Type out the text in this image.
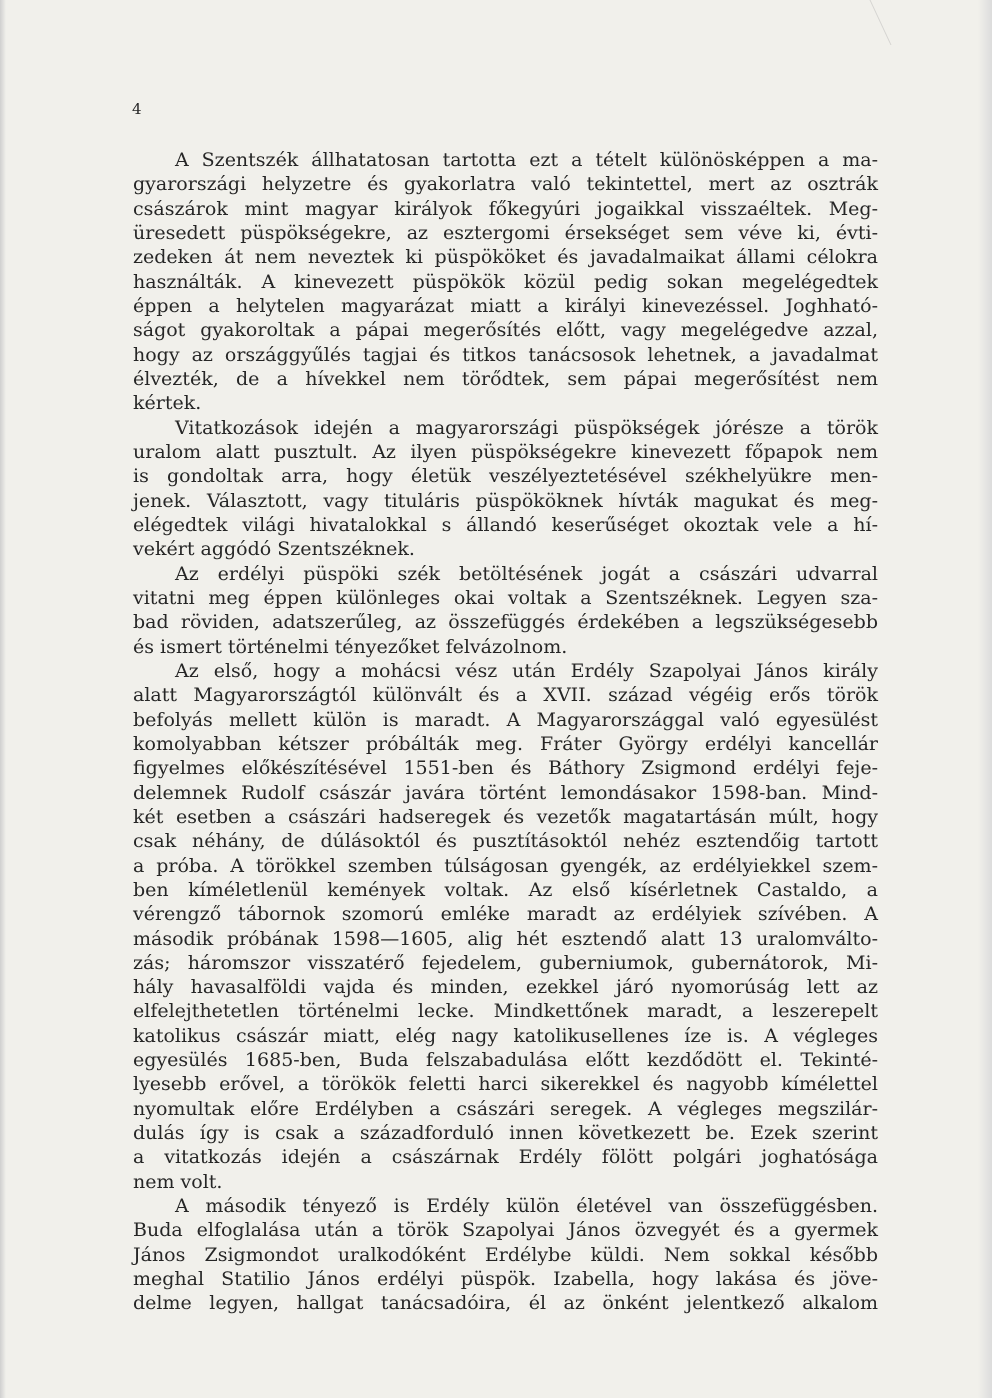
4
A Szentszék állhatatosan tartotta ezt a tételt különösképpen a ma-
gyarországi helyzetre és gyakorlatra való tekintettel, mert az osztrák
császárok mint magyar királyok főkegyúri jogaikkal visszaéltek. Meg-
üresedett püspökségekre, az esztergomi érsekséget sem véve ki, évti-
zedeken át nem neveztek ki püspököket és javadalmaikat állami célokra
használták. A kinevezett püspökök közül pedig sokan megelégedtek
éppen a helytelen magyarázat miatt a királyi kinevezéssel. Joghható-
ságot gyakoroltak a pápai megerősítés előtt, vagy megelégedve azzal,
hogy az országgyűlés tagjai és titkos tanácsosok lehetnek, a javadalmat
élvezték, de a hívekkel nem törődtek, sem pápai megerősítést nem
kértek.
Vitatkozások idején a magyarországi püspökségek jórésze a török
uralom alatt pusztult. Az ilyen püspökségekre kinevezett főpapok nem
is gondoltak arra, hogy életük veszélyeztetésével székhelyükre men-
jenek. Választott, vagy tituláris püspököknek hívták magukat és meg-
elégedtek világi hivatalokkal s állandó keserűséget okoztak vele a hí-
vekért aggódó Szentszéknek.
Az erdélyi püspöki szék betöltésének jogát a császári udvarral
vitatni meg éppen különleges okai voltak a Szentszéknek. Legyen sza-
bad röviden, adatszerűleg, az összefüggés érdekében a legszükségesebb
és ismert történelmi tényezőket felvázolnom.
Az első, hogy a mohácsi vész után Erdély Szapolyai János király
alatt Magyarországtól különvált és a XVII. század végéig erős török
befolyás mellett külön is maradt. A Magyarországgal való egyesülést
komolyabban kétszer próbálták meg. Fráter György erdélyi kancellár
figyelmes előkészítésével 1551-ben és Báthory Zsigmond erdélyi feje-
delemnek Rudolf császár javára történt lemondásakor 1598-ban. Mind-
két esetben a császári hadseregek és vezetők magatartásán múlt, hogy
csak néhány, de dúlásoktól és pusztításoktól nehéz esztendőig tartott
a próba. A törökkel szemben túlságosan gyengék, az erdélyiekkel szem-
ben kíméletlenül kemények voltak. Az első kísérletnek Castaldo, a
vérengző tábornok szomorú emléke maradt az erdélyiek szívében. A
második próbának 1598—1605, alig hét esztendő alatt 13 uralomválto-
zás; háromszor visszatérő fejedelem, guberniumok, gubernátorok, Mi-
hály havasalföldi vajda és minden, ezekkel járó nyomorúság lett az
elfelejthetetlen történelmi lecke. Mindkettőnek maradt, a leszerepelt
katolikus császár miatt, elég nagy katolikusellenes íze is. A végleges
egyesülés 1685-ben, Buda felszabadulása előtt kezdődött el. Tekinté-
lyesebb erővel, a törökök feletti harci sikerekkel és nagyobb kímélettel
nyomultak előre Erdélyben a császári seregek. A végleges megszilár-
dulás így is csak a századforduló innen következett be. Ezek szerint
a vitatkozás idején a császárnak Erdély fölött polgári joghatósága
nem volt.
A második tényező is Erdély külön életével van összefüggésben.
Buda elfoglalása után a török Szapolyai János özvegyét és a gyermek
János Zsigmondot uralkodóként Erdélybe küldi. Nem sokkal később
meghal Statilio János erdélyi püspök. Izabella, hogy lakása és jöve-
delme legyen, hallgat tanácsadóira, él az önként jelentkező alkalom
